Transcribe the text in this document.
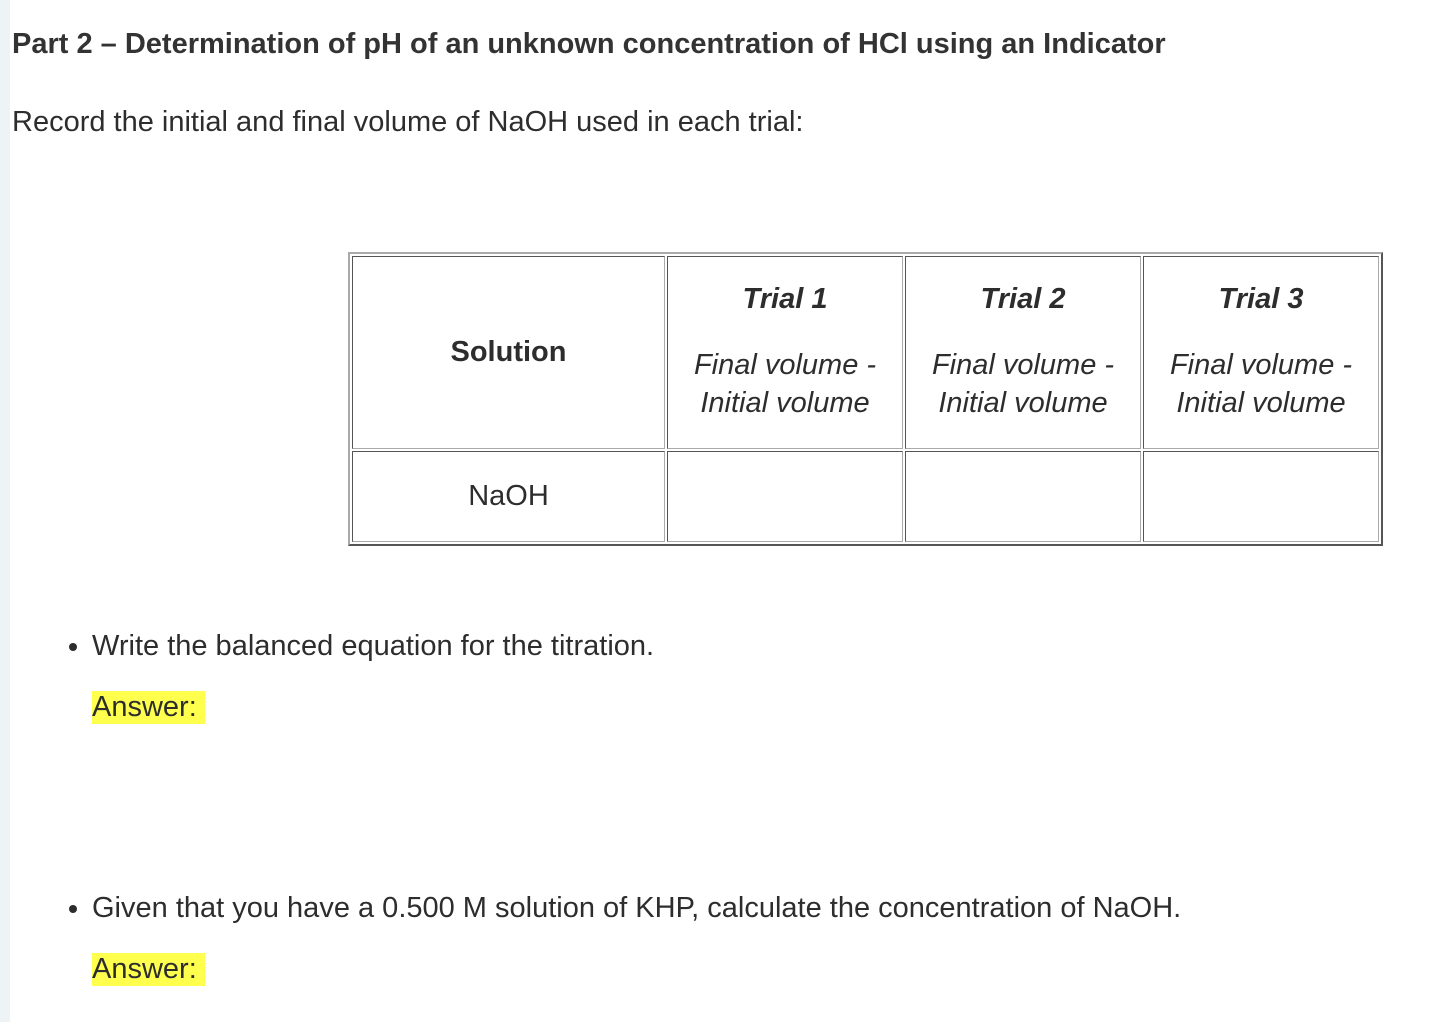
Part 2 – Determination of pH of an unknown concentration of HCl using an Indicator

Record the initial and final volume of NaOH used in each trial:

Solution	Trial 1
Final volume -
Initial volume	Trial 2
Final volume -
Initial volume	Trial 3
Final volume -
Initial volume

NaOH			
• Write the balanced equation for the titration.
Answer:
• Given that you have a 0.500 M solution of KHP, calculate the concentration of NaOH.
Answer:
